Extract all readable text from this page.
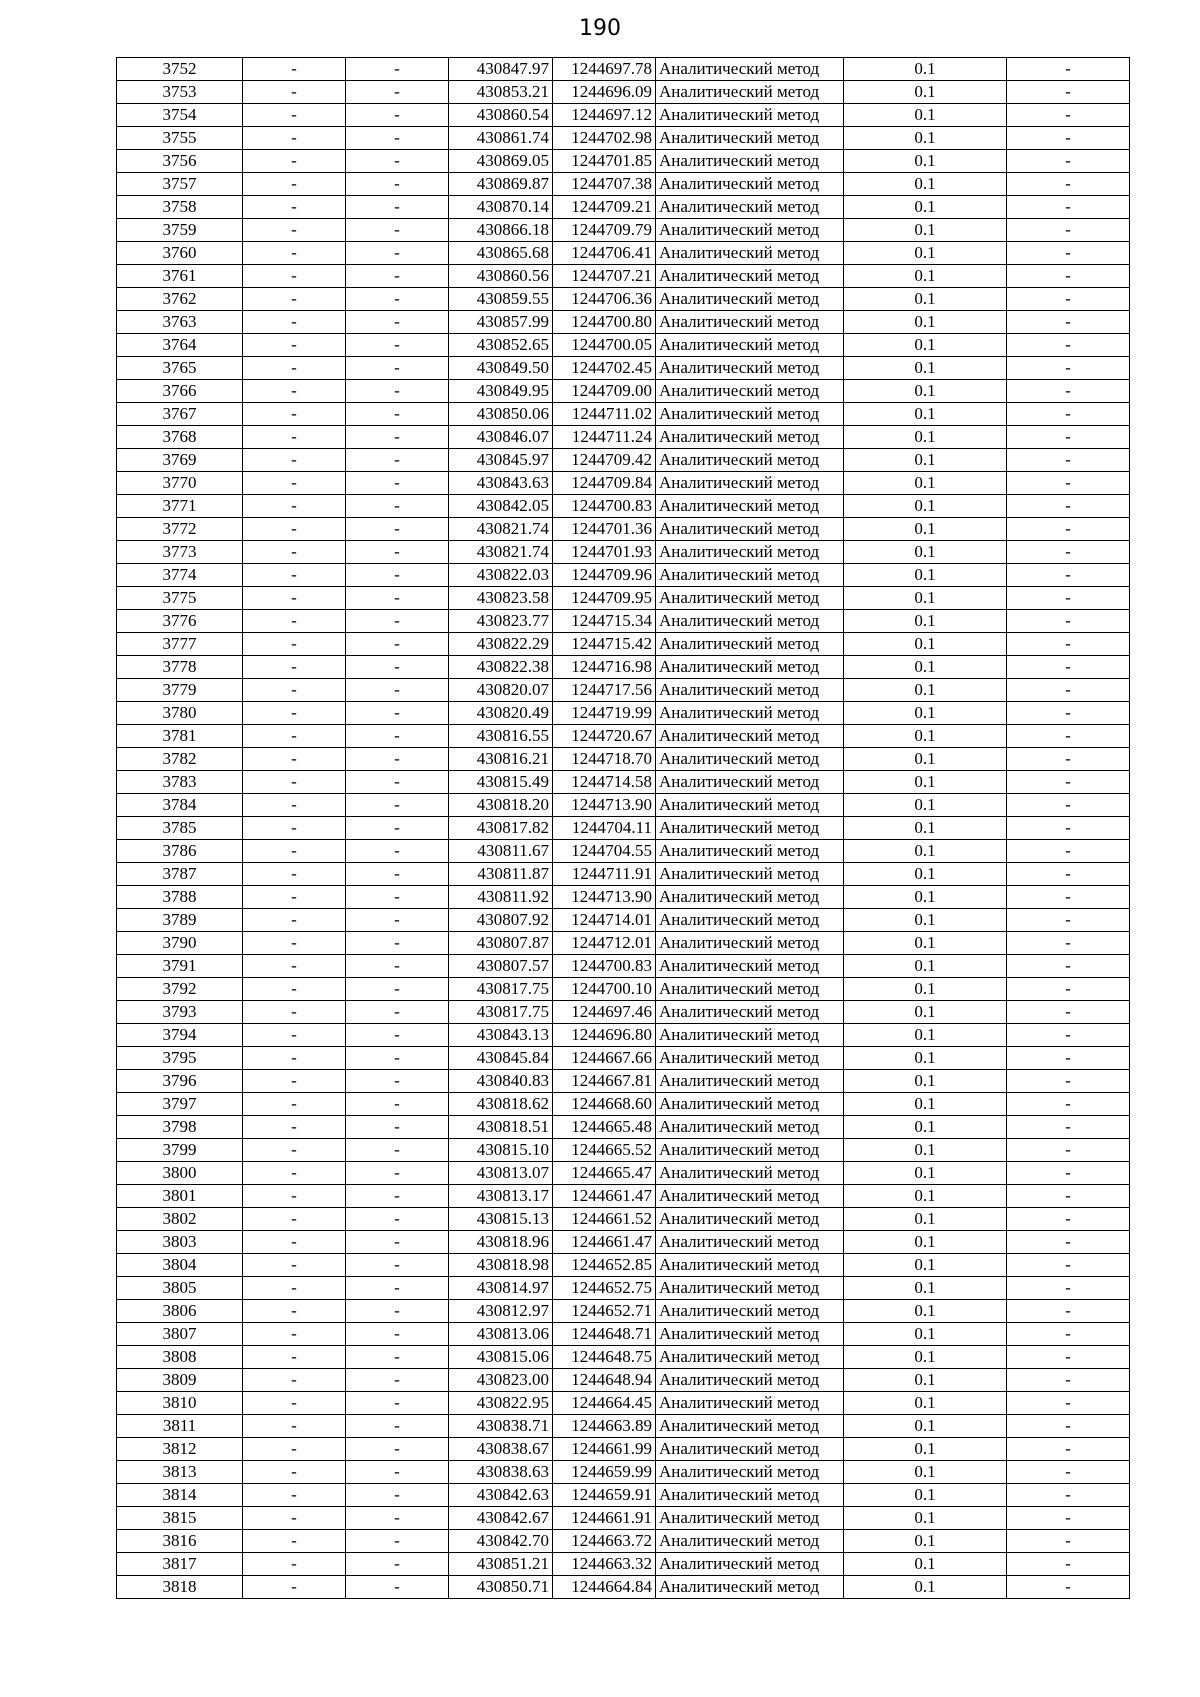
190
3752	-	-	430847.97	1244697.78	Аналитический метод	0.1	-
3753	-	-	430853.21	1244696.09	Аналитический метод	0.1	-
3754	-	-	430860.54	1244697.12	Аналитический метод	0.1	-
3755	-	-	430861.74	1244702.98	Аналитический метод	0.1	-
3756	-	-	430869.05	1244701.85	Аналитический метод	0.1	-
3757	-	-	430869.87	1244707.38	Аналитический метод	0.1	-
3758	-	-	430870.14	1244709.21	Аналитический метод	0.1	-
3759	-	-	430866.18	1244709.79	Аналитический метод	0.1	-
3760	-	-	430865.68	1244706.41	Аналитический метод	0.1	-
3761	-	-	430860.56	1244707.21	Аналитический метод	0.1	-
3762	-	-	430859.55	1244706.36	Аналитический метод	0.1	-
3763	-	-	430857.99	1244700.80	Аналитический метод	0.1	-
3764	-	-	430852.65	1244700.05	Аналитический метод	0.1	-
3765	-	-	430849.50	1244702.45	Аналитический метод	0.1	-
3766	-	-	430849.95	1244709.00	Аналитический метод	0.1	-
3767	-	-	430850.06	1244711.02	Аналитический метод	0.1	-
3768	-	-	430846.07	1244711.24	Аналитический метод	0.1	-
3769	-	-	430845.97	1244709.42	Аналитический метод	0.1	-
3770	-	-	430843.63	1244709.84	Аналитический метод	0.1	-
3771	-	-	430842.05	1244700.83	Аналитический метод	0.1	-
3772	-	-	430821.74	1244701.36	Аналитический метод	0.1	-
3773	-	-	430821.74	1244701.93	Аналитический метод	0.1	-
3774	-	-	430822.03	1244709.96	Аналитический метод	0.1	-
3775	-	-	430823.58	1244709.95	Аналитический метод	0.1	-
3776	-	-	430823.77	1244715.34	Аналитический метод	0.1	-
3777	-	-	430822.29	1244715.42	Аналитический метод	0.1	-
3778	-	-	430822.38	1244716.98	Аналитический метод	0.1	-
3779	-	-	430820.07	1244717.56	Аналитический метод	0.1	-
3780	-	-	430820.49	1244719.99	Аналитический метод	0.1	-
3781	-	-	430816.55	1244720.67	Аналитический метод	0.1	-
3782	-	-	430816.21	1244718.70	Аналитический метод	0.1	-
3783	-	-	430815.49	1244714.58	Аналитический метод	0.1	-
3784	-	-	430818.20	1244713.90	Аналитический метод	0.1	-
3785	-	-	430817.82	1244704.11	Аналитический метод	0.1	-
3786	-	-	430811.67	1244704.55	Аналитический метод	0.1	-
3787	-	-	430811.87	1244711.91	Аналитический метод	0.1	-
3788	-	-	430811.92	1244713.90	Аналитический метод	0.1	-
3789	-	-	430807.92	1244714.01	Аналитический метод	0.1	-
3790	-	-	430807.87	1244712.01	Аналитический метод	0.1	-
3791	-	-	430807.57	1244700.83	Аналитический метод	0.1	-
3792	-	-	430817.75	1244700.10	Аналитический метод	0.1	-
3793	-	-	430817.75	1244697.46	Аналитический метод	0.1	-
3794	-	-	430843.13	1244696.80	Аналитический метод	0.1	-
3795	-	-	430845.84	1244667.66	Аналитический метод	0.1	-
3796	-	-	430840.83	1244667.81	Аналитический метод	0.1	-
3797	-	-	430818.62	1244668.60	Аналитический метод	0.1	-
3798	-	-	430818.51	1244665.48	Аналитический метод	0.1	-
3799	-	-	430815.10	1244665.52	Аналитический метод	0.1	-
3800	-	-	430813.07	1244665.47	Аналитический метод	0.1	-
3801	-	-	430813.17	1244661.47	Аналитический метод	0.1	-
3802	-	-	430815.13	1244661.52	Аналитический метод	0.1	-
3803	-	-	430818.96	1244661.47	Аналитический метод	0.1	-
3804	-	-	430818.98	1244652.85	Аналитический метод	0.1	-
3805	-	-	430814.97	1244652.75	Аналитический метод	0.1	-
3806	-	-	430812.97	1244652.71	Аналитический метод	0.1	-
3807	-	-	430813.06	1244648.71	Аналитический метод	0.1	-
3808	-	-	430815.06	1244648.75	Аналитический метод	0.1	-
3809	-	-	430823.00	1244648.94	Аналитический метод	0.1	-
3810	-	-	430822.95	1244664.45	Аналитический метод	0.1	-
3811	-	-	430838.71	1244663.89	Аналитический метод	0.1	-
3812	-	-	430838.67	1244661.99	Аналитический метод	0.1	-
3813	-	-	430838.63	1244659.99	Аналитический метод	0.1	-
3814	-	-	430842.63	1244659.91	Аналитический метод	0.1	-
3815	-	-	430842.67	1244661.91	Аналитический метод	0.1	-
3816	-	-	430842.70	1244663.72	Аналитический метод	0.1	-
3817	-	-	430851.21	1244663.32	Аналитический метод	0.1	-
3818	-	-	430850.71	1244664.84	Аналитический метод	0.1	-
